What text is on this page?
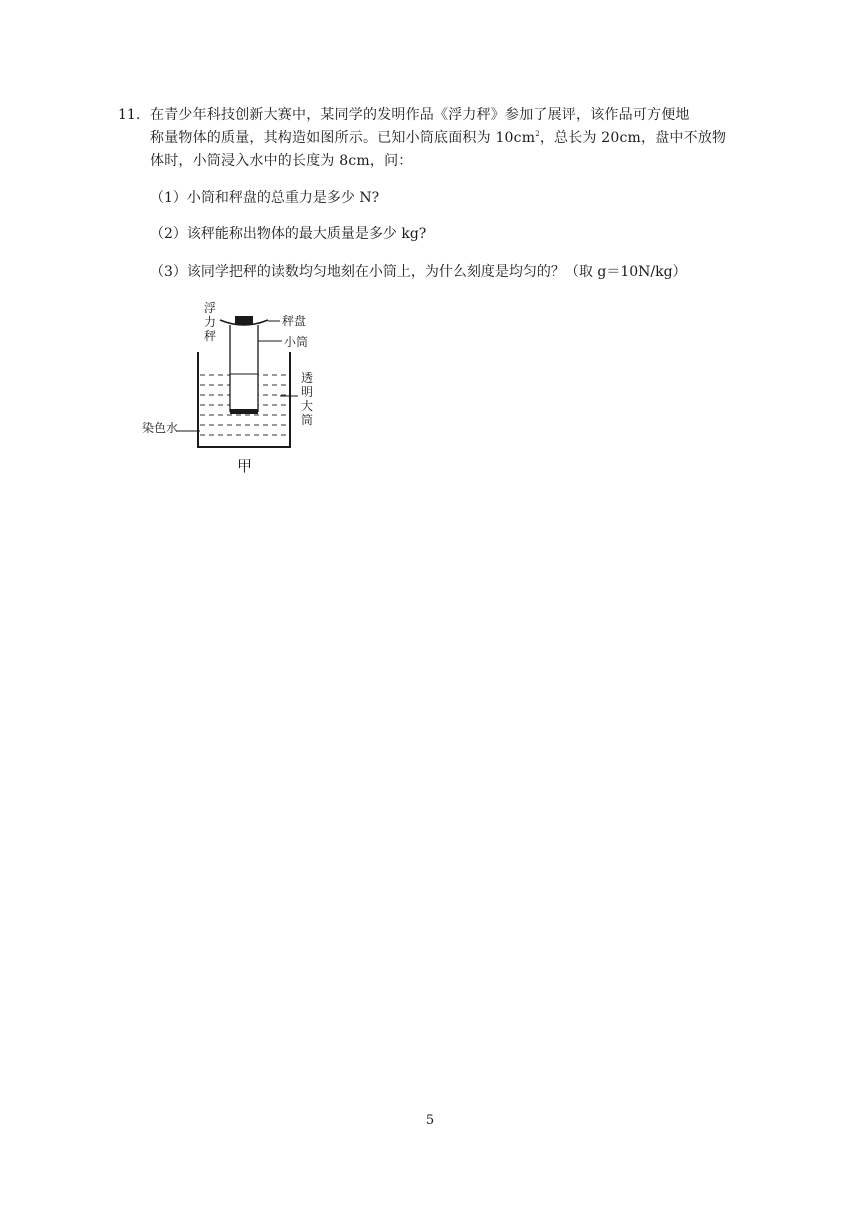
11. 在青少年科技创新大赛中，某同学的发明作品《浮力秤》参加了展评，该作品可方便地
称量物体的质量，其构造如图所示。已知小筒底面积为 $10cm^2$，总长为 20cm，盘中不放物
体时，小筒浸入水中的长度为 8cm，问：
（1）小筒和秤盘的总重力是多少 N?
（2）该秤能称出物体的最大质量是多少 kg?
（3）该同学把秤的读数均匀地刻在小筒上，为什么刻度是均匀的？（取 g＝10N/kg）
浮
力
秤
秤盘
小筒
透
明
大
筒
染色水
甲
5
